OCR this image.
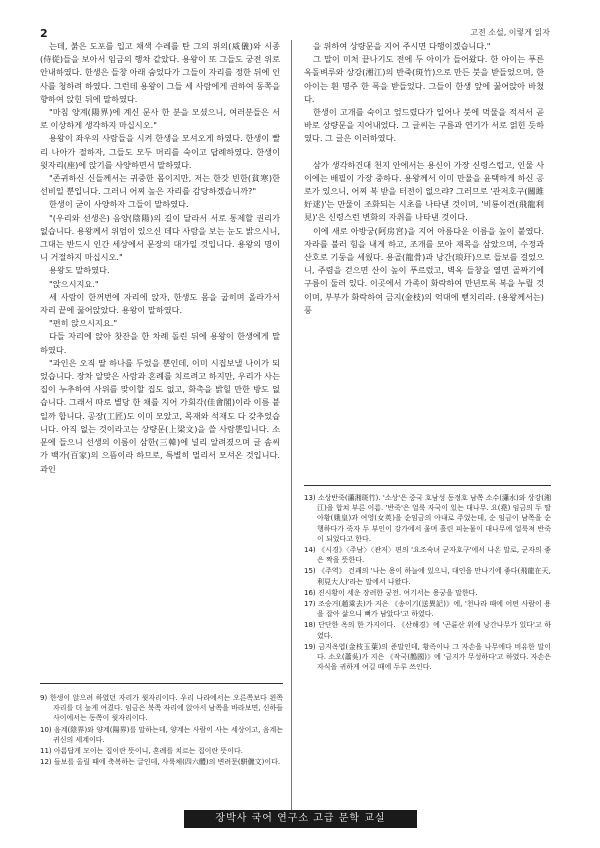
2	고전 소설, 이렇게 읽자

는데, 붉은 도포를 입고 채색 수레를 탄 그의 위의(威儀)와 시종(侍從)들을 보아서 임금의 행차 같았다. 용왕이 또 그들도 궁전 위로 안내하였다. 한생은 들창 아래 숨었다가 그들이 자리를 정한 뒤에 인사를 청하려 하였다. 그런데 용왕이 그들 세 사람에게 권하여 동쪽을 향하여 앉힌 뒤에 말하였다.

"마침 양계(陽界)에 계신 문사 한 분을 모셨으니, 여러분들은 서로 이상하게 생각하지 마십시오."

용왕이 좌우의 사람들을 시켜 한생을 모셔오게 하였다. 한생이 빨리 나아가 절하자, 그들도 모두 머리를 숙이고 답례하였다. 한생이 윗자리(座)에 앉기를 사양하면서 말하였다.

"존귀하신 신들께서는 귀중한 몸이지만, 저는 한갓 빈한(貧寒)한 선비일 뿐입니다. 그러니 어찌 높은 자리를 감당하겠습니까?"

한생이 굳이 사양하자 그들이 말하였다.

"(우리와 선생은) 음양(陰陽)의 길이 달라서 서로 통제할 권리가 없습니다. 용왕께서 위엄이 있으신 데다 사람을 보는 눈도 밝으시니, 그대는 반드시 인간 세상에서 문장의 대가일 것입니다. 용왕의 명이니 거절하지 마십시오."

용왕도 말하였다.

"앉으시지요."

세 사람이 한꺼번에 자리에 앉자, 한생도 몸을 굽히며 올라가서 자리 끝에 꿇어앉았다. 용왕이 말하였다.

"편히 앉으시지요."

다들 자리에 앉아 찻잔을 한 차례 돌린 뒤에 용왕이 한생에게 말하였다.

"과인은 오직 딸 하나를 두었을 뿐인데, 이미 시집보낼 나이가 되었습니다. 장차 알맞은 사람과 혼례를 치르려고 하지만, 우리가 사는 집이 누추하여 사위를 맞이할 집도 없고, 화촉을 밝힐 만한 방도 없습니다. 그래서 따로 별당 한 채를 지어 가회각(佳會閣)이라 이름 붙일까 합니다. 공장(工匠)도 이미 모았고, 목재와 석재도 다 갖추었습니다. 아직 없는 것이라고는 상량문(上梁文)을 쓸 사람뿐입니다. 소문에 들으니 선생의 이름이 삼한(三韓)에 널리 알려졌으며 글 솜씨가 백가(百家)의 으뜸이라 하므로, 특별히 멀리서 모셔온 것입니다. 과인

을 위하여 상량문을 지어 주시면 다행이겠습니다."

그 말이 미처 끝나기도 전에 두 아이가 들어왔다. 한 아이는 푸른 옥돌벼루와 상강(湘江)의 반죽(斑竹)으로 만든 붓을 받들었으며, 한 아이는 흰 명주 한 폭을 받들었다. 그들이 한생 앞에 꿇어앉아 바쳤다.

한생이 고개를 숙이고 엎드렸다가 일어나 붓에 먹물을 적셔서 곧바로 상량문을 지어내었다. 그 글씨는 구름과 연기가 서로 얽힌 듯하였다. 그 글은 이러하였다.

삼가 생각하건대 천지 안에서는 용신이 가장 신령스럽고, 인물 사이에는 배필이 가장 중하다. 용왕께서 이미 만물을 윤택하게 하신 공로가 있으니, 어찌 복 받을 터전이 없으랴? 그러므로 '관저호구(關雎好逑)'는 만물이 조화되는 시초를 나타낸 것이며, '비룡이견(飛龍利見)'은 신령스런 변화의 자취를 나타낸 것이다.

이에 새로 아방궁(阿房宮)을 지어 아름다운 이름을 높이 붙였다. 자라를 불러 힘을 내게 하고, 조개를 모아 재목을 삼았으며, 수정과 산호로 기둥을 세웠다. 용골(龍骨)과 낭간(琅玕)으로 들보를 걸었으니, 주렴을 걷으면 산이 높이 푸르렀고, 벽옥 들창을 열면 골짜기에 구름이 둘러 있다. 이곳에서 가족이 화락하여 만년토록 복을 누릴 것이며, 부부가 화락하여 금지(金枝)의 억대에 뻗치리라. (용왕께서는) 풍

9) 한생이 앉으려 하였던 자리가 윗자리이다. 우리 나라에서는 오른쪽보다 왼쪽 자리를 더 높게 여겼다. 임금은 북쪽 자리에 앉아서 남쪽을 바라보면, 신하들 사이에서는 동쪽이 윗자리이다.

10) 음계(陰界)와 양계(陽界)를 말하는데, 양계는 사람이 사는 세상이고, 음계는 귀신의 세계이다.

11) 아름답게 모이는 집이란 뜻이니, 혼례를 치르는 집이란 뜻이다.

12) 들보를 올릴 때에 축복하는 글인데, 사륙체(四六體)의 변려문(騈儷文)이다.

13) 소상반죽(瀟湘斑竹). '소상'은 중국 호남성 동정호 남쪽 소수(瀟水)와 상강(湘江)을 합쳐 부른 이름. '반죽'은 얼룩 자국이 있는 대나무. 요(堯) 임금의 두 딸 아황(娥皇)과 여영(女英)을 순임금의 아내로 주었는데, 순 임금이 남쪽을 순행하다가 죽자 두 부인이 강가에서 울며 흘린 피눈물이 대나무에 얼룩져 반죽이 되었다고 한다.

14) 《시경》〈주남〉〈관저〉편의 '요조숙녀 군자호구'에서 나온 말로, 군자의 좋은 짝을 뜻한다.

15) 《주역》 건괘의 '나는 용이 하늘에 있으니, 대인을 만나기에 좋다(飛龍在天, 利見大人)'라는 말에서 나왔다.

16) 진시황이 세운 장려한 궁전. 여기서는 용궁을 말한다.

17) 조승거(趙乘去)가 지은 《송이기(送異記)》에, '천나라 때에 어떤 사람이 용을 잡아 삶으니 뼈가 남았다'고 하였다.

18) 단단한 옥의 한 가지이다. 《산해경》에 '곤륜산 위에 낭간나무가 있다'고 하였다.

19) 금지옥엽(金枝玉葉)의 준말인데, 황족이나 그 자손을 나무에다 비유한 말이다. 소오(蕭吳)가 지은 《작국(鵲國)》에 '금지가 무성하다'고 하였다. 자손은 자식을 귀하게 여길 때에 두루 쓰인다.

장박사 국어 연구소 고급 문학 교실
